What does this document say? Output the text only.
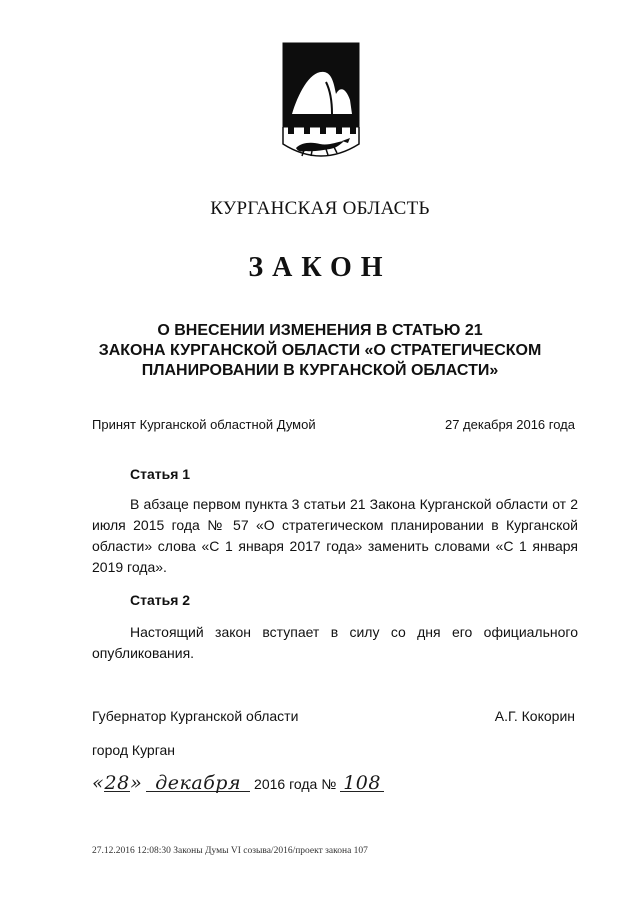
КУРГАНСКАЯ ОБЛАСТЬ
ЗАКОН
О ВНЕСЕНИИ ИЗМЕНЕНИЯ В СТАТЬЮ 21
ЗАКОНА КУРГАНСКОЙ ОБЛАСТИ «О СТРАТЕГИЧЕСКОМ
ПЛАНИРОВАНИИ В КУРГАНСКОЙ ОБЛАСТИ»
Принят Курганской областной Думой	27 декабря 2016 года
Статья 1
В абзаце первом пункта 3 статьи 21 Закона Курганской области от 2 июля 2015 года № 57 «О стратегическом планировании в Курганской области» слова «С 1 января 2017 года» заменить словами «С 1 января 2019 года».
Статья 2
Настоящий закон вступает в силу со дня его официального опубликования.
Губернатор Курганской области	А.Г. Кокорин
город Курган
«28» декабря 2016 года № 108
27.12.2016 12:08:30 Законы Думы VI созыва/2016/проект закона 107
